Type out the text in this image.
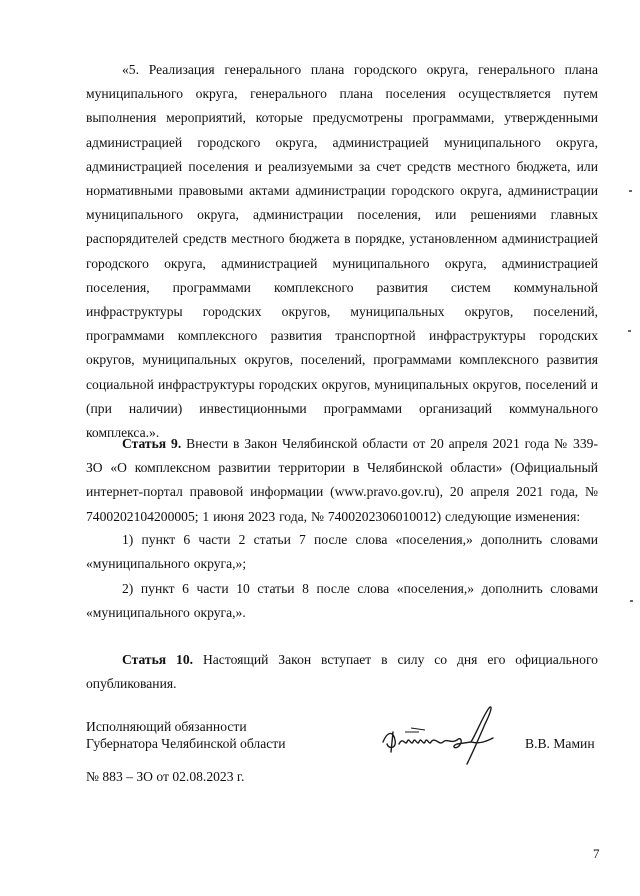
«5. Реализация генерального плана городского округа, генерального плана муниципального округа, генерального плана поселения осуществляется путем выполнения мероприятий, которые предусмотрены программами, утвержденными администрацией городского округа, администрацией муниципального округа, администрацией поселения и реализуемыми за счет средств местного бюджета, или нормативными правовыми актами администрации городского округа, администрации муниципального округа, администрации поселения, или решениями главных распорядителей средств местного бюджета в порядке, установленном администрацией городского округа, администрацией муниципального округа, администрацией поселения, программами комплексного развития систем коммунальной инфраструктуры городских округов, муниципальных округов, поселений, программами комплексного развития транспортной инфраструктуры городских округов, муниципальных округов, поселений, программами комплексного развития социальной инфраструктуры городских округов, муниципальных округов, поселений и (при наличии) инвестиционными программами организаций коммунального комплекса.».
Статья 9. Внести в Закон Челябинской области от 20 апреля 2021 года № 339-ЗО «О комплексном развитии территории в Челябинской области» (Официальный интернет-портал правовой информации (www.pravo.gov.ru), 20 апреля 2021 года, № 7400202104200005; 1 июня 2023 года, № 7400202306010012) следующие изменения:
1) пункт 6 части 2 статьи 7 после слова «поселения,» дополнить словами «муниципального округа,»;
2) пункт 6 части 10 статьи 8 после слова «поселения,» дополнить словами «муниципального округа,».
Статья 10. Настоящий Закон вступает в силу со дня его официального опубликования.
Исполняющий обязанности
Губернатора Челябинской области	В.В. Мамин
№ 883 – ЗО от 02.08.2023 г.
7
